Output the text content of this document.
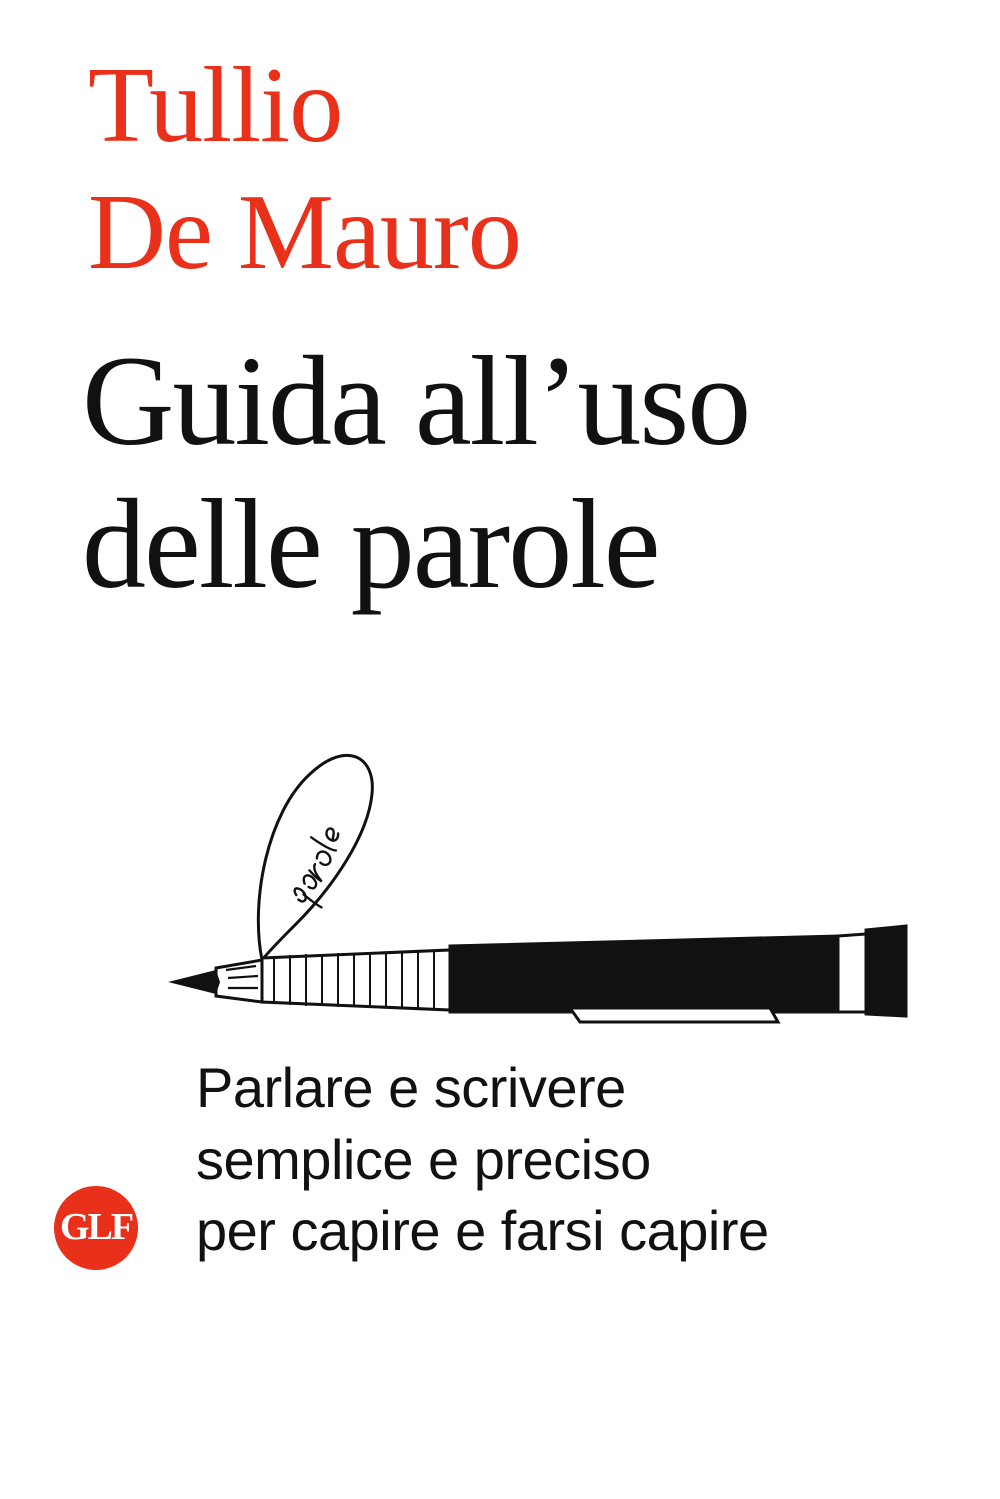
Tullio
De Mauro
Guida all’uso
delle parole
Parlare e scrivere
semplice e preciso
per capire e farsi capire
GLF
